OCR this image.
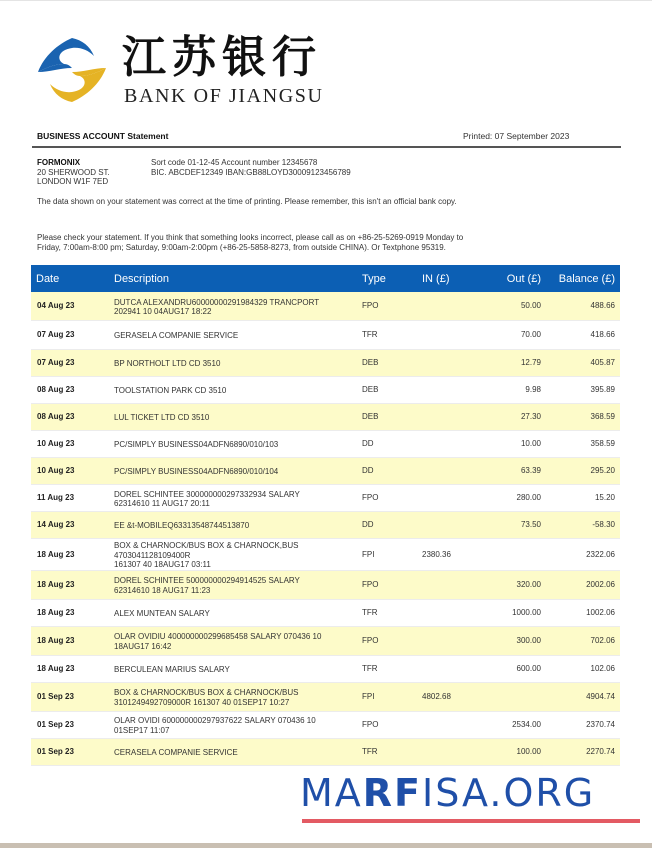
江苏银行
BANK OF JIANGSU
BUSINESS ACCOUNT Statement	Printed: 07 September 2023
FORMONIX
20 SHERWOOD ST.
LONDON W1F 7ED
Sort code 01-12-45 Account number 12345678
BIC. ABCDEF12349 IBAN:GB88LOYD30009123456789
The data shown on your statement was correct at the time of printing. Please remember, this isn't an official bank copy.
Please check your statement. If you think that something looks incorrect, please call as on +86-25-5269-0919 Monday to Friday, 7:00am-8:00 pm; Saturday, 9:00am-2:00pm (+86-25-5858-8273, from outside CHINA). Or Textphone 95319.
Date	Description	Type	IN (£)	Out (£)	Balance (£)
04 Aug 23	DUTCA ALEXANDRU60000000291984329 TRANCPORT
202941 10 04AUG17 18:22	FPO		50.00	488.66
07 Aug 23	GERASELA COMPANIE SERVICE	TFR		70.00	418.66
07 Aug 23	BP NORTHOLT LTD CD 3510	DEB		12.79	405.87
08 Aug 23	TOOLSTATION PARK CD 3510	DEB		9.98	395.89
08 Aug 23	LUL TICKET LTD CD 3510	DEB		27.30	368.59
10 Aug 23	PC/SIMPLY BUSINESS04ADFN6890/010/103	DD		10.00	358.59
10 Aug 23	PC/SIMPLY BUSINESS04ADFN6890/010/104	DD		63.39	295.20
11 Aug 23	DOREL SCHINTEE 300000000297332934 SALARY
62314610 11 AUG17 20:11	FPO		280.00	15.20
14 Aug 23	EE &t-MOBILEQ63313548744513870	DD		73.50	-58.30
18 Aug 23	BOX & CHARNOCK/BUS BOX & CHARNOCK,BUS 4703041128109400R
161307 40 18AUG17 03:11	FPI	2380.36		2322.06
18 Aug 23	DOREL SCHINTEE 500000000294914525 SALARY
62314610 18 AUG17 11:23	FPO		320.00	2002.06
18 Aug 23	ALEX MUNTEAN SALARY	TFR		1000.00	1002.06
18 Aug 23	OLAR OVIDIU 400000000299685458 SALARY 070436 10
18AUG17 16:42	FPO		300.00	702.06
18 Aug 23	BERCULEAN MARIUS SALARY	TFR		600.00	102.06
01 Sep 23	BOX & CHARNOCK/BUS BOX & CHARNOCK/BUS
3101249492709000R 161307 40 01SEP17 10:27	FPI	4802.68		4904.74
01 Sep 23	OLAR OVIDI 600000000297937622 SALARY 070436 10
01SEP17 11:07	FPO		2534.00	2370.74
01 Sep 23	CERASELA COMPANIE SERVICE	TFR		100.00	2270.74
MARFISA.ORG
